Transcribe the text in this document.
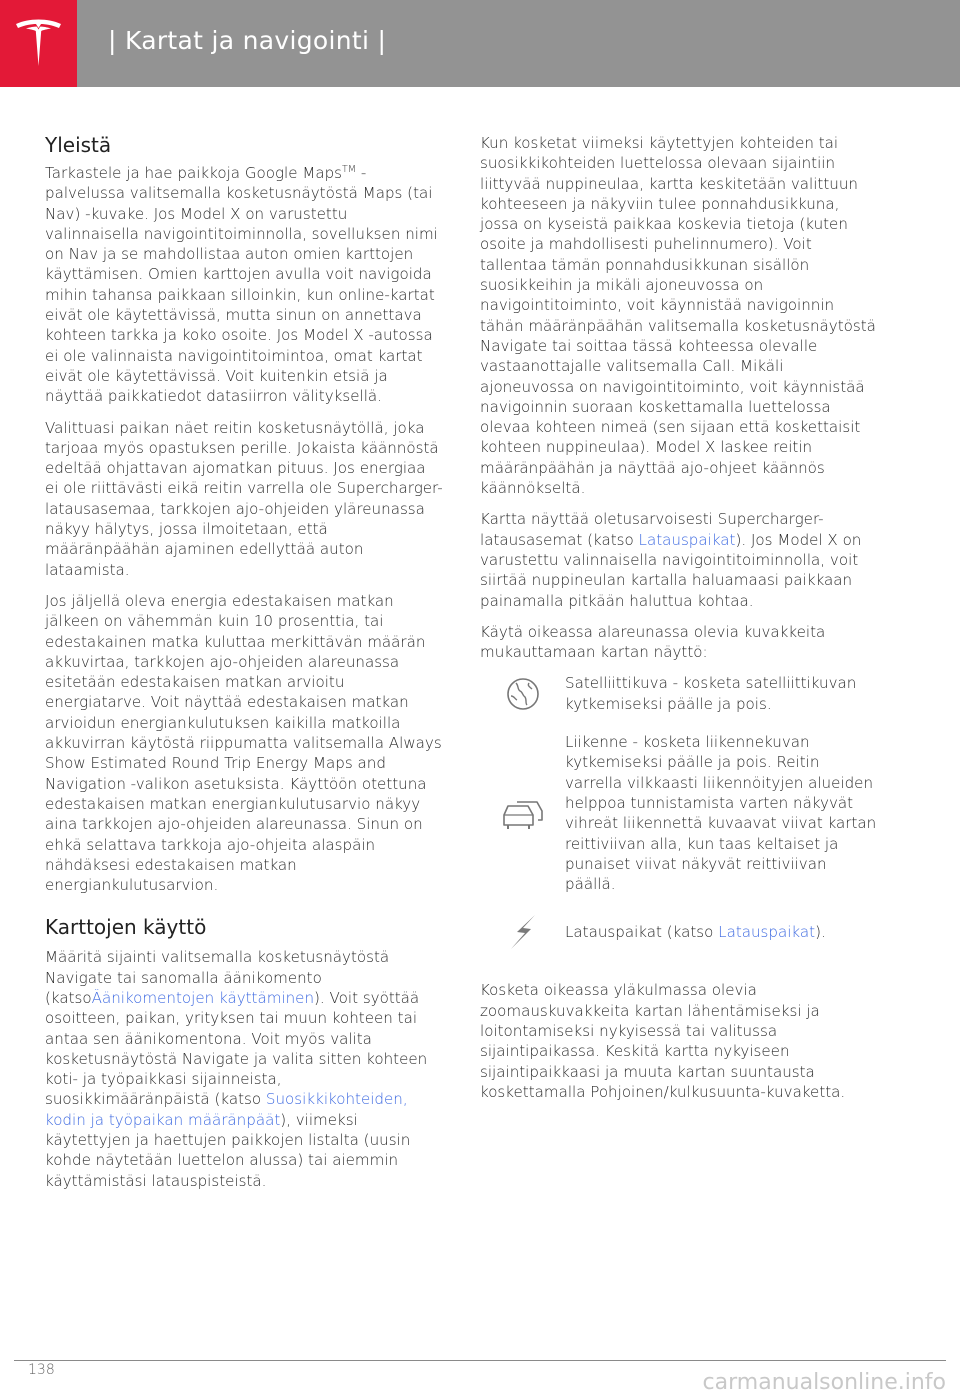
| Kartat ja navigointi |
Yleistä

Tarkastele ja hae paikkoja Google Maps™ - palvelussa valitsemalla kosketusnäytöstä Maps (tai Nav) -kuvake. Jos Model X on varustettu valinnaisella navigointitoiminnolla, sovelluksen nimi on Nav ja se mahdollistaa auton omien karttojen käyttämisen. Omien karttojen avulla voit navigoida mihin tahansa paikkaan silloinkin, kun online-kartat eivät ole käytettävissä, mutta sinun on annettava kohteen tarkka ja koko osoite. Jos Model X -autossa ei ole valinnaista navigointitoimintoa, omat kartat eivät ole käytettävissä. Voit kuitenkin etsiä ja näyttää paikkatiedot datasiirron välityksellä.

Valittuasi paikan näet reitin kosketusnäytöllä, joka tarjoaa myös opastuksen perille. Jokaista käännöstä edeltää ohjattavan ajomatkan pituus. Jos energiaa ei ole riittävästi eikä reitin varrella ole Supercharger-latausasemaa, tarkkojen ajo-ohjeiden yläreunassa näkyy hälytys, jossa ilmoitetaan, että määränpäähän ajaminen edellyttää auton lataamista.

Jos jäljellä oleva energia edestakaisen matkan jälkeen on vähemmän kuin 10 prosenttia, tai edestakainen matka kuluttaa merkittävän määrän akkuvirtaa, tarkkojen ajo-ohjeiden alareunassa esitetään edestakaisen matkan arvioitu energiatarve. Voit näyttää edestakaisen matkan arvioidun energiankulutuksen kaikilla matkoilla akkuvirran käytöstä riippumatta valitsemalla Always Show Estimated Round Trip Energy Maps and Navigation -valikon asetuksista. Käyttöön otettuna edestakaisen matkan energiankulutusarvio näkyy aina tarkkojen ajo-ohjeiden alareunassa. Sinun on ehkä selattava tarkkoja ajo-ohjeita alaspäin nähdäksesi edestakaisen matkan energiankulutusarvion.

Karttojen käyttö

Määritä sijainti valitsemalla kosketusnäytöstä Navigate tai sanomalla äänikomento (katsoÄänikomentojen käyttäminen). Voit syöttää osoitteen, paikan, yrityksen tai muun kohteen tai antaa sen äänikomentona. Voit myös valita kosketusnäytöstä Navigate ja valita sitten kohteen koti- ja työpaikkasi sijainneista, suosikkimääränpäistä (katso Suosikkikohteiden, kodin ja työpaikan määränpäät), viimeksi käytettyjen ja haettujen paikkojen listalta (uusin kohde näytetään luettelon alussa) tai aiemmin käyttämistäsi latauspisteistä.

Kun kosketat viimeksi käytettyjen kohteiden tai suosikkikohteiden luettelossa olevaan sijaintiin liittyvää nuppineulaa, kartta keskitetään valittuun kohteeseen ja näkyviin tulee ponnahdusikkuna, jossa on kyseistä paikkaa koskevia tietoja (kuten osoite ja mahdollisesti puhelinnumero). Voit tallentaa tämän ponnahdusikkunan sisällön suosikkeihin ja mikäli ajoneuvossa on navigointitoiminto, voit käynnistää navigoinnin tähän määränpäähän valitsemalla kosketusnäytöstä Navigate tai soittaa tässä kohteessa olevalle vastaanottajalle valitsemalla Call. Mikäli ajoneuvossa on navigointitoiminto, voit käynnistää navigoinnin suoraan koskettamalla luettelossa olevaa kohteen nimeä (sen sijaan että koskettaisit kohteen nuppineulaa). Model X laskee reitin määränpäähän ja näyttää ajo-ohjeet käännös käännökseltä.

Kartta näyttää oletusarvoisesti Supercharger-latausasemat (katso Latauspaikat). Jos Model X on varustettu valinnaisella navigointitoiminnolla, voit siirtää nuppineulan kartalla haluamaasi paikkaan painamalla pitkään haluttua kohtaa.

Käytä oikeassa alareunassa olevia kuvakkeita mukauttamaan kartan näyttö:

Satelliittikuva - kosketa satelliittikuvan kytkemiseksi päälle ja pois.

Liikenne - kosketa liikennekuvan kytkemiseksi päälle ja pois. Reitin varrella vilkkaasti liikennöityjen alueiden helppoa tunnistamista varten näkyvät vihreät liikennettä kuvaavat viivat kartan reittiviivan alla, kun taas keltaiset ja punaiset viivat näkyvät reittiviivan päällä.

Latauspaikat (katso Latauspaikat).

Kosketa oikeassa yläkulmassa olevia zoomauskuvakkeita kartan lähentämiseksi ja loitontamiseksi nykyisessä tai valitussa sijaintipaikassa. Keskitä kartta nykyiseen sijaintipaikkaasi ja muuta kartan suuntausta koskettamalla Pohjoinen/kulkusuunta-kuvaketta.

138	carmanualsonline.info
